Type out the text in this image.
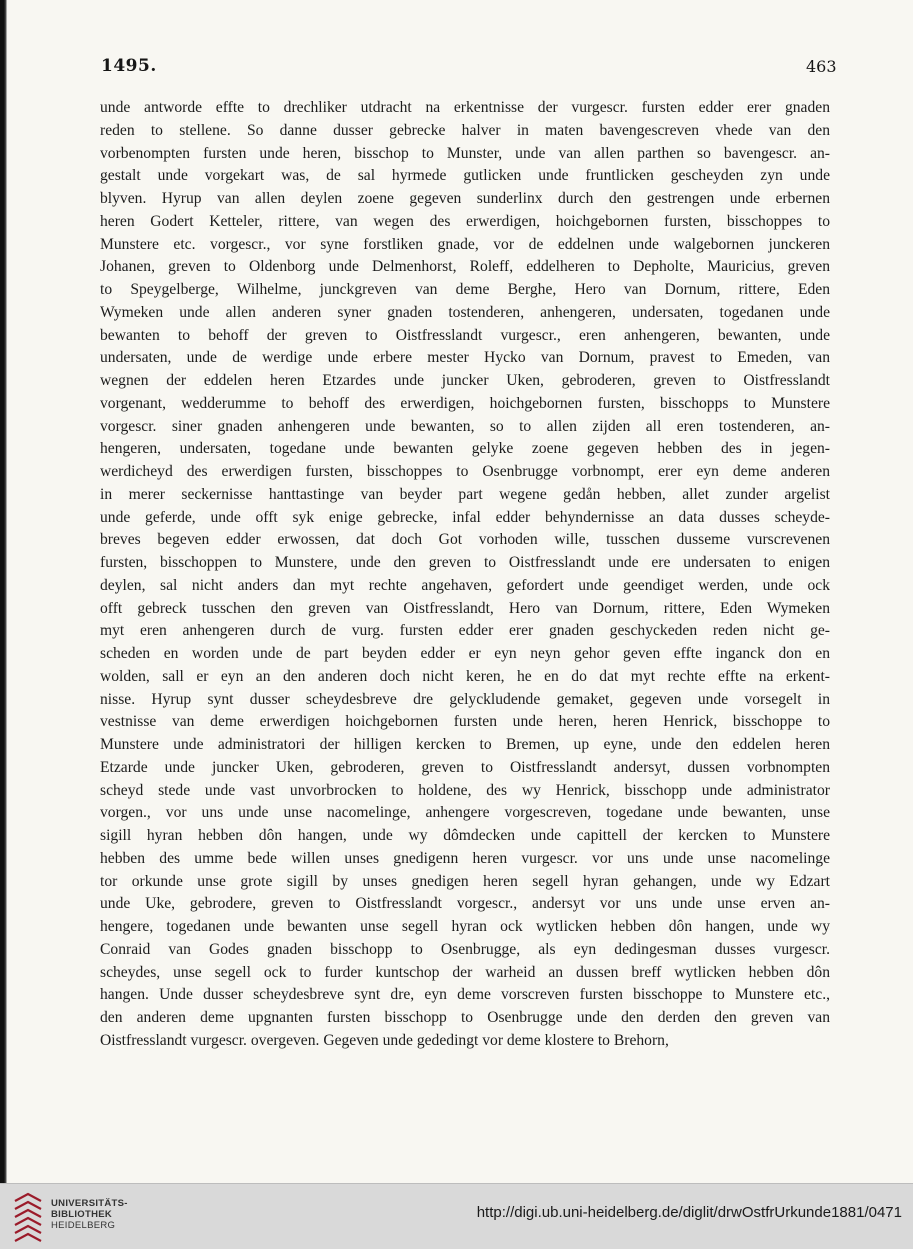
1495.	463
unde antworde effte to drechliker utdracht na erkentnisse der vurgescr. fursten edder erer gnaden
reden to stellene. So danne dusser gebrecke halver in maten bavengescreven vhede van den
vorbenompten fursten unde heren, bisschop to Munster, unde van allen parthen so bavengescr. an-
gestalt unde vorgekart was, de sal hyrmede gutlicken unde fruntlicken gescheyden zyn unde
blyven. Hyrup van allen deylen zoene gegeven sunderlinx durch den gestrengen unde erbernen
heren Godert Ketteler, rittere, van wegen des erwerdigen, hoichgebornen fursten, bisschoppes to
Munstere etc. vorgescr., vor syne forstliken gnade, vor de eddelnen unde walgebornen junckeren
Johanen, greven to Oldenborg unde Delmenhorst, Roleff, eddelheren to Depholte, Mauricius, greven
to Speygelberge, Wilhelme, junckgreven van deme Berghe, Hero van Dornum, rittere, Eden
Wymeken unde allen anderen syner gnaden tostenderen, anhengeren, undersaten, togedanen unde
bewanten to behoff der greven to Oistfresslandt vurgescr., eren anhengeren, bewanten, unde
undersaten, unde de werdige unde erbere mester Hycko van Dornum, pravest to Emeden, van
wegnen der eddelen heren Etzardes unde juncker Uken, gebroderen, greven to Oistfresslandt
vorgenant, wedderumme to behoff des erwerdigen, hoichgebornen fursten, bisschopps to Munstere
vorgescr. siner gnaden anhengeren unde bewanten, so to allen zijden all eren tostenderen, an-
hengeren, undersaten, togedane unde bewanten gelyke zoene gegeven hebben des in jegen-
werdicheyd des erwerdigen fursten, bisschoppes to Osenbrugge vorbnompt, erer eyn deme anderen
in merer seckernisse hanttastinge van beyder part wegene gedån hebben, allet zunder argelist
unde geferde, unde offt syk enige gebrecke, infal edder behyndernisse an data dusses scheyde-
breves begeven edder erwossen, dat doch Got vorhoden wille, tusschen dusseme vurscrevenen
fursten, bisschoppen to Munstere, unde den greven to Oistfresslandt unde ere undersaten to enigen
deylen, sal nicht anders dan myt rechte angehaven, gefordert unde geendiget werden, unde ock
offt gebreck tusschen den greven van Oistfresslandt, Hero van Dornum, rittere, Eden Wymeken
myt eren anhengeren durch de vurg. fursten edder erer gnaden geschyckeden reden nicht ge-
scheden en worden unde de part beyden edder er eyn neyn gehor geven effte inganck don en
wolden, sall er eyn an den anderen doch nicht keren, he en do dat myt rechte effte na erkent-
nisse. Hyrup synt dusser scheydesbreve dre gelyckludende gemaket, gegeven unde vorsegelt in
vestnisse van deme erwerdigen hoichgebornen fursten unde heren, heren Henrick, bisschoppe to
Munstere unde administratori der hilligen kercken to Bremen, up eyne, unde den eddelen heren
Etzarde unde juncker Uken, gebroderen, greven to Oistfresslandt andersyt, dussen vorbnompten
scheyd stede unde vast unvorbrocken to holdene, des wy Henrick, bisschopp unde administrator
vorgen., vor uns unde unse nacomelinge, anhengere vorgescreven, togedane unde bewanten, unse
sigill hyran hebben dôn hangen, unde wy dômdecken unde capittell der kercken to Munstere
hebben des umme bede willen unses gnedigenn heren vurgescr. vor uns unde unse nacomelinge
tor orkunde unse grote sigill by unses gnedigen heren segell hyran gehangen, unde wy Edzart
unde Uke, gebrodere, greven to Oistfresslandt vorgescr., andersyt vor uns unde unse erven an-
hengere, togedanen unde bewanten unse segell hyran ock wytlicken hebben dôn hangen, unde wy
Conraid van Godes gnaden bisschopp to Osenbrugge, als eyn dedingesman dusses vurgescr.
scheydes, unse segell ock to furder kuntschop der warheid an dussen breff wytlicken hebben dôn
hangen. Unde dusser scheydesbreve synt dre, eyn deme vorscreven fursten bisschoppe to Munstere etc.,
den anderen deme upgnanten fursten bisschopp to Osenbrugge unde den derden den greven van
Oistfresslandt vurgescr. overgeven. Gegeven unde gededingt vor deme klostere to Brehorn,
UNIVERSITÄTS-
BIBLIOTHEK
HEIDELBERG
http://digi.ub.uni-heidelberg.de/diglit/drwOstfrUrkunde1881/0471
